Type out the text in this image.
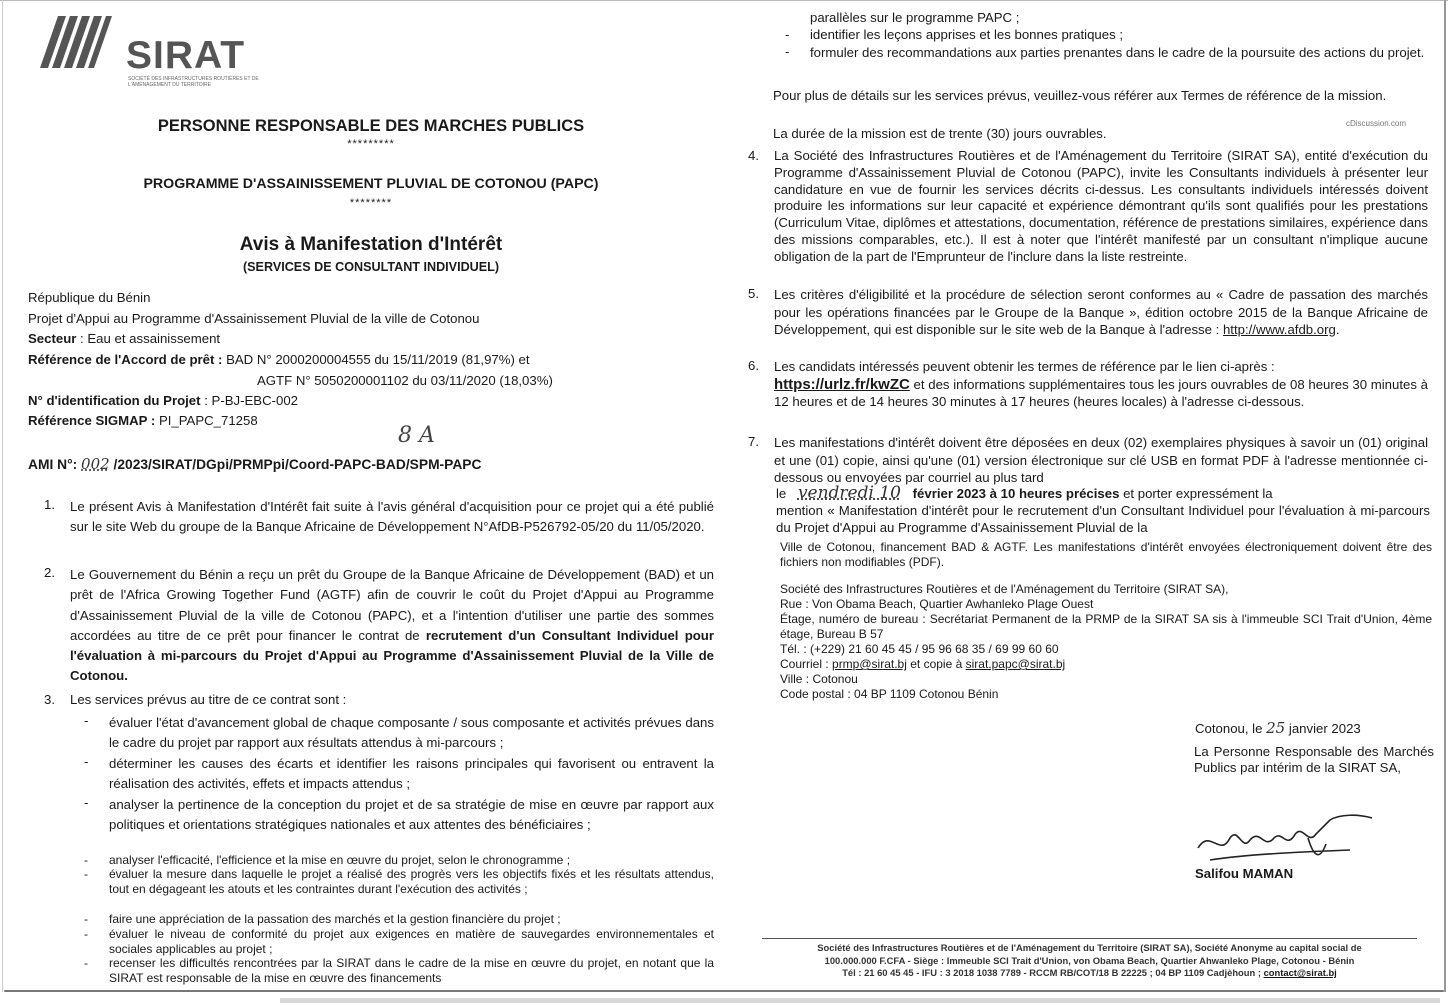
SIRAT
SOCIÉTÉ DES INFRASTRUCTURES ROUTIÈRES ET DE L'AMÉNAGEMENT DU TERRITOIRE
PERSONNE RESPONSABLE DES MARCHES PUBLICS
*********
PROGRAMME D'ASSAINISSEMENT PLUVIAL DE COTONOU (PAPC)
********
Avis à Manifestation d'Intérêt
(SERVICES DE CONSULTANT INDIVIDUEL)
République du Bénin
Projet d'Appui au Programme d'Assainissement Pluvial de la ville de Cotonou
Secteur : Eau et assainissement
Référence de l'Accord de prêt : BAD N° 2000200004555 du 15/11/2019 (81,97%) et
AGTF N° 5050200001102 du 03/11/2020 (18,03%)
N° d'identification du Projet : P-BJ-EBC-002
Référence SIGMAP : PI_PAPC_71258
8 A
AMI N°: 002 /2023/SIRAT/DGpi/PRMPpi/Coord-PAPC-BAD/SPM-PAPC
1. Le présent Avis à Manifestation d'Intérêt fait suite à l'avis général d'acquisition pour ce projet qui a été publié sur le site Web du groupe de la Banque Africaine de Développement N°AfDB-P526792-05/20 du 11/05/2020.
2. Le Gouvernement du Bénin a reçu un prêt du Groupe de la Banque Africaine de Développement (BAD) et un prêt de l'Africa Growing Together Fund (AGTF) afin de couvrir le coût du Projet d'Appui au Programme d'Assainissement Pluvial de la ville de Cotonou (PAPC), et a l'intention d'utiliser une partie des sommes accordées au titre de ce prêt pour financer le contrat de recrutement d'un Consultant Individuel pour l'évaluation à mi-parcours du Projet d'Appui au Programme d'Assainissement Pluvial de la Ville de Cotonou.
3. Les services prévus au titre de ce contrat sont :
- évaluer l'état d'avancement global de chaque composante / sous composante et activités prévues dans le cadre du projet par rapport aux résultats attendus à mi-parcours ;
- déterminer les causes des écarts et identifier les raisons principales qui favorisent ou entravent la réalisation des activités, effets et impacts attendus ;
- analyser la pertinence de la conception du projet et de sa stratégie de mise en œuvre par rapport aux politiques et orientations stratégiques nationales et aux attentes des bénéficiaires ;
- analyser l'efficacité, l'efficience et la mise en œuvre du projet, selon le chronogramme ;
- évaluer la mesure dans laquelle le projet a réalisé des progrès vers les objectifs fixés et les résultats attendus, tout en dégageant les atouts et les contraintes durant l'exécution des activités ;
- faire une appréciation de la passation des marchés et la gestion financière du projet ;
- évaluer le niveau de conformité du projet aux exigences en matière de sauvegardes environnementales et sociales applicables au projet ;
- recenser les difficultés rencontrées par la SIRAT dans le cadre de la mise en œuvre du projet, en notant que la SIRAT est responsable de la mise en œuvre des financements
parallèles sur le programme PAPC ;
- identifier les leçons apprises et les bonnes pratiques ;
- formuler des recommandations aux parties prenantes dans le cadre de la poursuite des actions du projet.
Pour plus de détails sur les services prévus, veuillez-vous référer aux Termes de référence de la mission.
La durée de la mission est de trente (30) jours ouvrables.
cDiscussion.com
4. La Société des Infrastructures Routières et de l'Aménagement du Territoire (SIRAT SA), entité d'exécution du Programme d'Assainissement Pluvial de Cotonou (PAPC), invite les Consultants individuels à présenter leur candidature en vue de fournir les services décrits ci-dessus. Les consultants individuels intéressés doivent produire les informations sur leur capacité et expérience démontrant qu'ils sont qualifiés pour les prestations (Curriculum Vitae, diplômes et attestations, documentation, référence de prestations similaires, expérience dans des missions comparables, etc.). Il est à noter que l'intérêt manifesté par un consultant n'implique aucune obligation de la part de l'Emprunteur de l'inclure dans la liste restreinte.
5. Les critères d'éligibilité et la procédure de sélection seront conformes au « Cadre de passation des marchés pour les opérations financées par le Groupe de la Banque », édition octobre 2015 de la Banque Africaine de Développement, qui est disponible sur le site web de la Banque à l'adresse : http://www.afdb.org.
6. Les candidats intéressés peuvent obtenir les termes de référence par le lien ci-après :
https://urlz.fr/kwZC et des informations supplémentaires tous les jours ouvrables de 08 heures 30 minutes à 12 heures et de 14 heures 30 minutes à 17 heures (heures locales) à l'adresse ci-dessous.
7. Les manifestations d'intérêt doivent être déposées en deux (02) exemplaires physiques à savoir un (01) original et une (01) copie, ainsi qu'une (01) version électronique sur clé USB en format PDF à l'adresse mentionnée ci-dessous ou envoyées par courriel au plus tard
le vendredi 10 février 2023 à 10 heures précises et porter expressément la
mention « Manifestation d'intérêt pour le recrutement d'un Consultant Individuel pour l'évaluation à mi-parcours du Projet d'Appui au Programme d'Assainissement Pluvial de la
Ville de Cotonou, financement BAD & AGTF. Les manifestations d'intérêt envoyées électroniquement doivent être des fichiers non modifiables (PDF).
Société des Infrastructures Routières et de l'Aménagement du Territoire (SIRAT SA),
Rue : Von Obama Beach, Quartier Awhanleko Plage Ouest
Étage, numéro de bureau : Secrétariat Permanent de la PRMP de la SIRAT SA sis à l'immeuble SCI Trait d'Union, 4ème étage, Bureau B 57
Tél. : (+229) 21 60 45 45 / 95 96 68 35 / 69 99 60 60
Courriel : prmp@sirat.bj et copie à sirat.papc@sirat.bj
Ville : Cotonou
Code postal : 04 BP 1109 Cotonou Bénin
Cotonou, le 25 janvier 2023
La Personne Responsable des Marchés Publics par intérim de la SIRAT SA,
Salifou MAMAN
Société des Infrastructures Routières et de l'Aménagement du Territoire (SIRAT SA), Société Anonyme au capital social de
100.000.000 F.CFA - Siège : Immeuble SCI Trait d'Union, von Obama Beach, Quartier Ahwanleko Plage, Cotonou - Bénin
Tél : 21 60 45 45 - IFU : 3 2018 1038 7789 - RCCM RB/COT/18 B 22225 ; 04 BP 1109 Cadjèhoun ; contact@sirat.bj
